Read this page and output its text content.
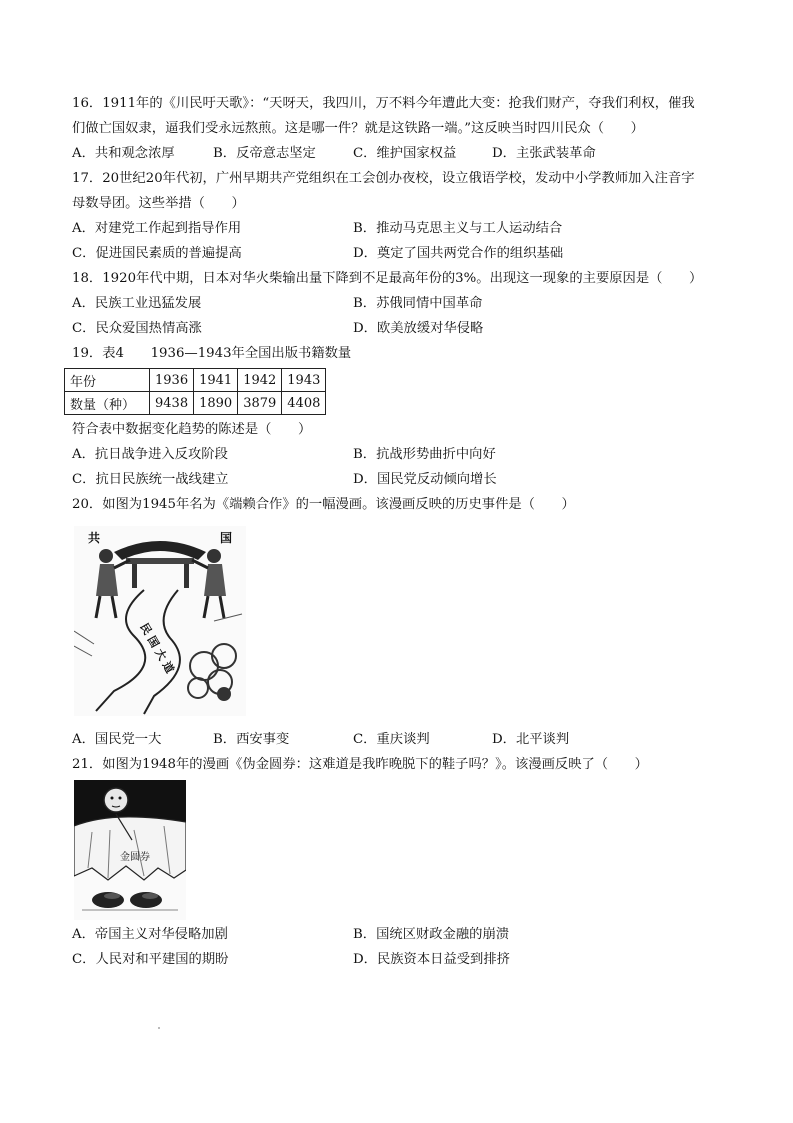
16．1911年的《川民吁天歌》：“天呀天，我四川，万不料今年遭此大变：抢我们财产，夺我们利权，催我
们做亡国奴隶，逼我们受永远熬煎。这是哪一件？就是这铁路一端。”这反映当时四川民众（　　）
A．共和观念浓厚	B．反帝意志坚定	C．维护国家权益	D．主张武装革命
17．20世纪20年代初，广州早期共产党组织在工会创办夜校，设立俄语学校，发动中小学教师加入注音字
母数导团。这些举措（　　）
A．对建党工作起到指导作用	B．推动马克思主义与工人运动结合
C．促进国民素质的普遍提高	D．奠定了国共两党合作的组织基础
18．1920年代中期，日本对华火柴输出量下降到不足最高年份的3%。出现这一现象的主要原因是（　　）
A．民族工业迅猛发展	B．苏俄同情中国革命
C．民众爱国热情高涨	D．欧美放缓对华侵略
19．表4　　1936—1943年全国出版书籍数量
年份	1936	1941	1942	1943
数量（种）	9438	1890	3879	4408
符合表中数据变化趋势的陈述是（　　）
A．抗日战争进入反攻阶段	B．抗战形势曲折中向好
C．抗日民族统一战线建立	D．国民党反动倾向增长
20．如图为1945年名为《端赖合作》的一幅漫画。该漫画反映的历史事件是（　　）
共	国
民 国 大 道
A．国民党一大	B．西安事变	C．重庆谈判	D．北平谈判
21．如图为1948年的漫画《伪金圆券：这难道是我昨晚脱下的鞋子吗？》。该漫画反映了（　　）
金圆券
A．帝国主义对华侵略加剧	B．国统区财政金融的崩溃
C．人民对和平建国的期盼	D．民族资本日益受到排挤
